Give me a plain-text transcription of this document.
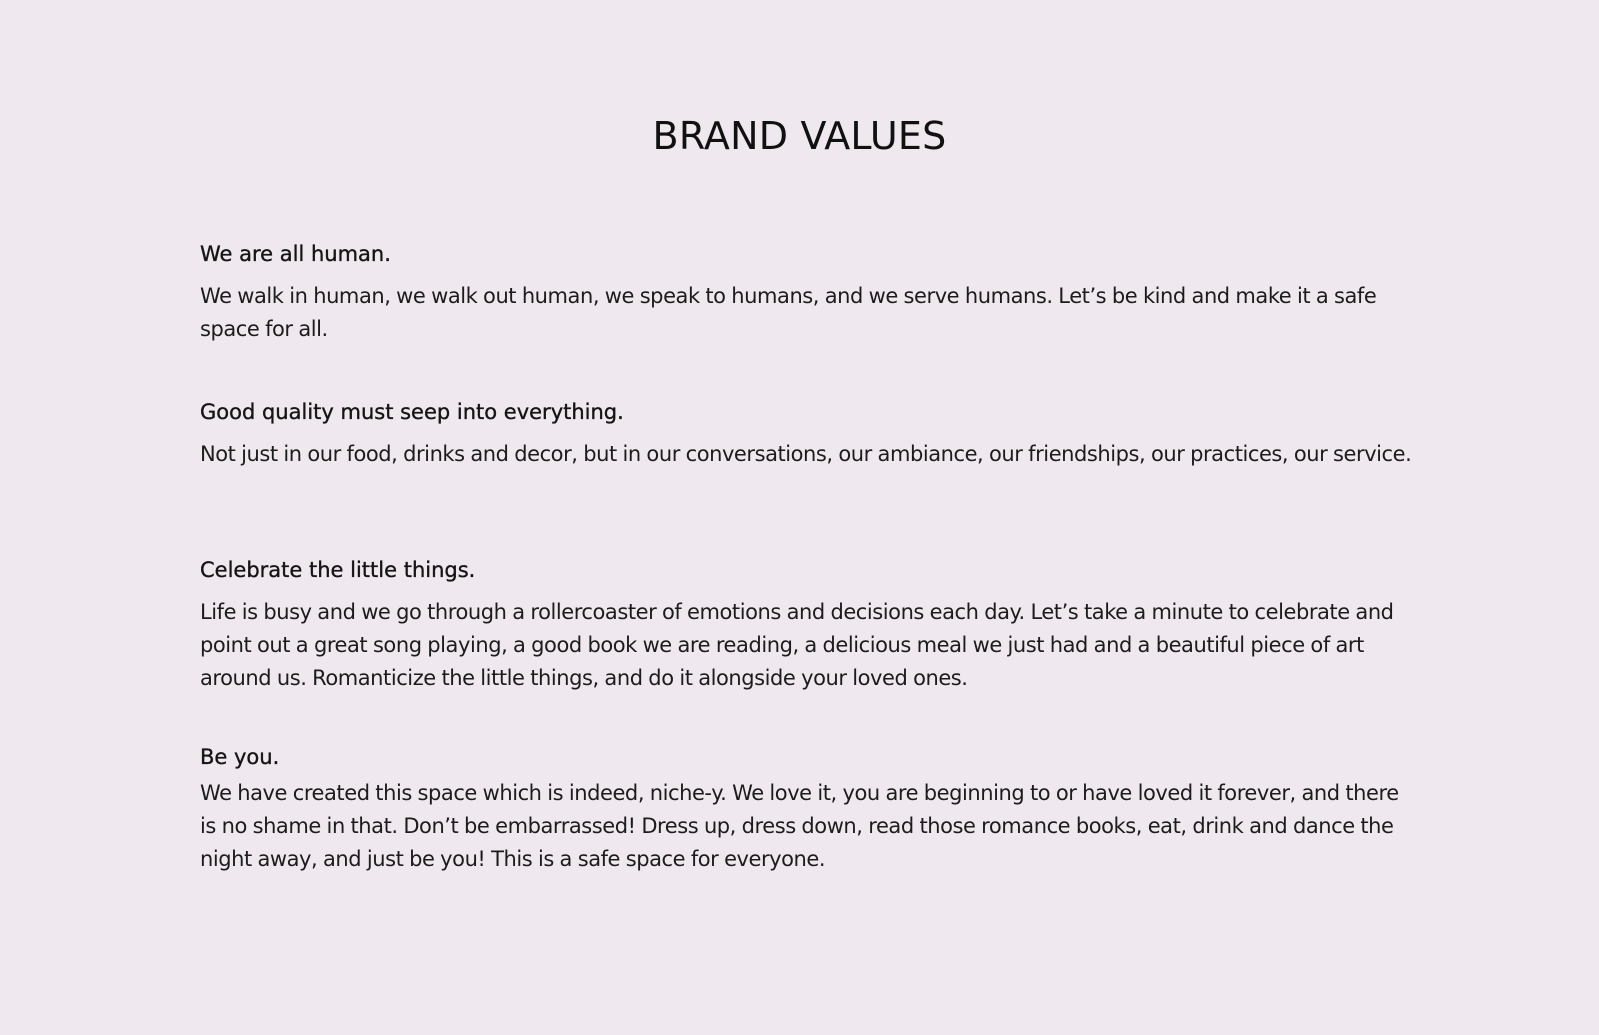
BRAND VALUES
We are all human.

We walk in human, we walk out human, we speak to humans, and we serve humans. Let’s be kind and make it a safe space for all.

Good quality must seep into everything.

Not just in our food, drinks and decor, but in our conversations, our ambiance, our friendships, our practices, our service.

Celebrate the little things.

Life is busy and we go through a rollercoaster of emotions and decisions each day. Let’s take a minute to celebrate and point out a great song playing, a good book we are reading, a delicious meal we just had and a beautiful piece of art around us. Romanticize the little things, and do it alongside your loved ones.

Be you.

We have created this space which is indeed, niche-y. We love it, you are beginning to or have loved it forever, and there is no shame in that. Don’t be embarrassed! Dress up, dress down, read those romance books, eat, drink and dance the night away, and just be you! This is a safe space for everyone.
